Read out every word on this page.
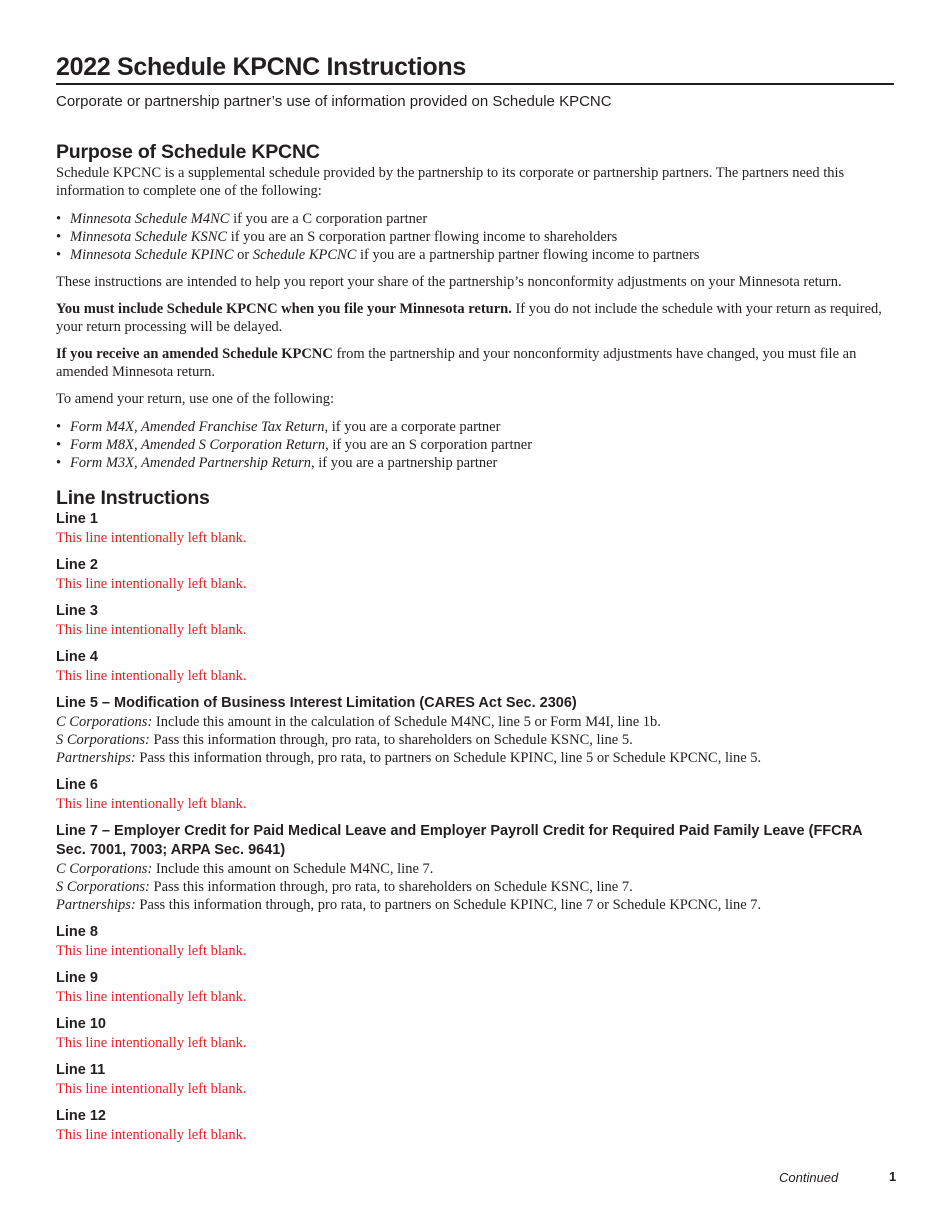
2022 Schedule KPCNC Instructions

Corporate or partnership partner’s use of information provided on Schedule KPCNC

Purpose of Schedule KPCNC

Schedule KPCNC is a supplemental schedule provided by the partnership to its corporate or partnership partners. The partners need this information to complete one of the following:

• Minnesota Schedule M4NC if you are a C corporation partner
• Minnesota Schedule KSNC if you are an S corporation partner flowing income to shareholders
• Minnesota Schedule KPINC or Schedule KPCNC if you are a partnership partner flowing income to partners

These instructions are intended to help you report your share of the partnership’s nonconformity adjustments on your Minnesota return.

You must include Schedule KPCNC when you file your Minnesota return. If you do not include the schedule with your return as required, your return processing will be delayed.

If you receive an amended Schedule KPCNC from the partnership and your nonconformity adjustments have changed, you must file an amended Minnesota return.

To amend your return, use one of the following:

• Form M4X, Amended Franchise Tax Return, if you are a corporate partner
• Form M8X, Amended S Corporation Return, if you are an S corporation partner
• Form M3X, Amended Partnership Return, if you are a partnership partner
Line Instructions
Line 1

This line intentionally left blank.

Line 2

This line intentionally left blank.

Line 3

This line intentionally left blank.

Line 4

This line intentionally left blank.

Line 5 – Modification of Business Interest Limitation (CARES Act Sec. 2306)

C Corporations: Include this amount in the calculation of Schedule M4NC, line 5 or Form M4I, line 1b.

S Corporations: Pass this information through, pro rata, to shareholders on Schedule KSNC, line 5.

Partnerships: Pass this information through, pro rata, to partners on Schedule KPINC, line 5 or Schedule KPCNC, line 5.

Line 6

This line intentionally left blank.

Line 7 – Employer Credit for Paid Medical Leave and Employer Payroll Credit for Required Paid Family Leave (FFCRA Sec. 7001, 7003; ARPA Sec. 9641)

C Corporations: Include this amount on Schedule M4NC, line 7.

S Corporations: Pass this information through, pro rata, to shareholders on Schedule KSNC, line 7.

Partnerships: Pass this information through, pro rata, to partners on Schedule KPINC, line 7 or Schedule KPCNC, line 7.

Line 8

This line intentionally left blank.

Line 9

This line intentionally left blank.

Line 10

This line intentionally left blank.

Line 11

This line intentionally left blank.

Line 12

This line intentionally left blank.

Continued	1
